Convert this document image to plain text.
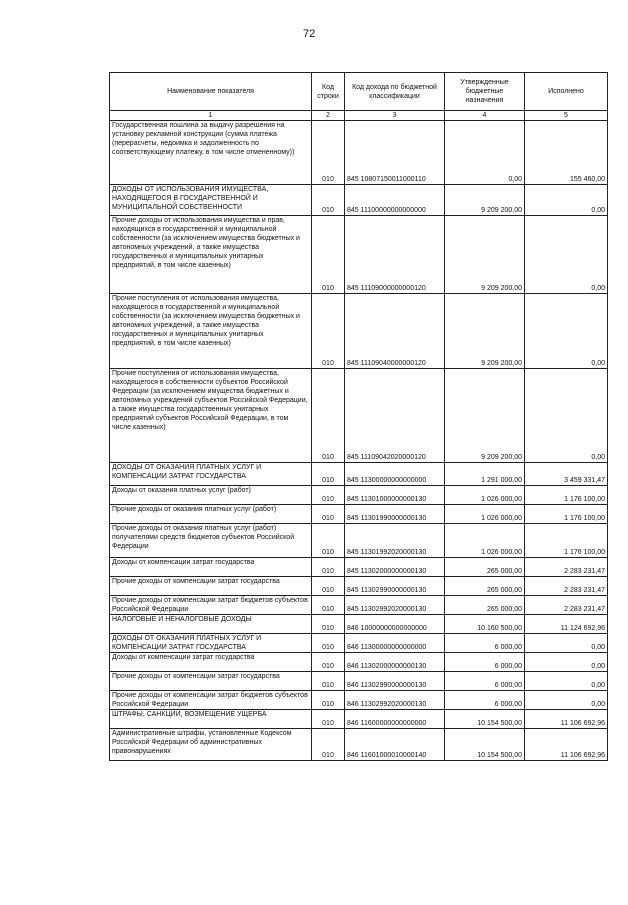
72
Наименование показателя	Код строки	Код дохода по бюджетной классификации	Утвержденные бюджетные назначения	Исполнено
1	2	3	4	5
Государственная пошлина за выдачу разрешения на установку рекламной конструкции (сумма платежа (перерасчеты, недоимка и задолженность по соответствующему платежу, в том числе отмененному))	010	845 10807150011000110	0,00	155 460,00
ДОХОДЫ ОТ ИСПОЛЬЗОВАНИЯ ИМУЩЕСТВА, НАХОДЯЩЕГОСЯ В ГОСУДАРСТВЕННОЙ И МУНИЦИПАЛЬНОЙ СОБСТВЕННОСТИ	010	845 11100000000000000	9 209 200,00	0,00
Прочие доходы от использования имущества и прав, находящихся в государственной и муниципальной собственности (за исключением имущества бюджетных и автономных учреждений, а также имущества государственных и муниципальных унитарных предприятий, в том числе казенных)	010	845 11109000000000120	9 209 200,00	0,00
Прочие поступления от использования имущества, находящегося в государственной и муниципальной собственности (за исключением имущества бюджетных и автономных учреждений, а также имущества государственных и муниципальных унитарных предприятий, в том числе казенных)	010	845 11109040000000120	9 209 200,00	0,00
Прочие поступления от использования имущества, находящегося в собственности субъектов Российской Федерации (за исключением имущества бюджетных и автономных учреждений субъектов Российской Федерации, а также имущества государственных унитарных предприятий субъектов Российской Федерации, в том числе казенных)	010	845 11109042020000120	9 209 200,00	0,00
ДОХОДЫ ОТ ОКАЗАНИЯ ПЛАТНЫХ УСЛУГ И КОМПЕНСАЦИИ ЗАТРАТ ГОСУДАРСТВА	010	845 11300000000000000	1 291 000,00	3 459 331,47
Доходы от оказания платных услуг (работ)	010	845 11301000000000130	1 026 000,00	1 176 100,00
Прочие доходы от оказания платных услуг (работ)	010	845 11301990000000130	1 026 000,00	1 176 100,00
Прочие доходы от оказания платных услуг (работ) получателями средств бюджетов субъектов Российской Федерации	010	845 11301992020000130	1 026 000,00	1 176 100,00
Доходы от компенсации затрат государства	010	845 11302000000000130	265 000,00	2 283 231,47
Прочие доходы от компенсации затрат государства	010	845 11302990000000130	265 000,00	2 283 231,47
Прочие доходы от компенсации затрат бюджетов субъектов Российской Федерации	010	845 11302992020000130	265 000,00	2 283 231,47
НАЛОГОВЫЕ И НЕНАЛОГОВЫЕ ДОХОДЫ	010	846 10000000000000000	10 160 500,00	11 124 692,96
ДОХОДЫ ОТ ОКАЗАНИЯ ПЛАТНЫХ УСЛУГ И КОМПЕНСАЦИИ ЗАТРАТ ГОСУДАРСТВА	010	846 11300000000000000	6 000,00	0,00
Доходы от компенсации затрат государства	010	846 11302000000000130	6 000,00	0,00
Прочие доходы от компенсации затрат государства	010	846 11302990000000130	6 000,00	0,00
Прочие доходы от компенсации затрат бюджетов субъектов Российской Федерации	010	846 11302992020000130	6 000,00	0,00
ШТРАФЫ, САНКЦИИ, ВОЗМЕЩЕНИЕ УЩЕРБА	010	846 11600000000000000	10 154 500,00	11 106 692,96
Административные штрафы, установленные Кодексом Российской Федерации об административных правонарушениях	010	846 11601000010000140	10 154 500,00	11 106 692,96
